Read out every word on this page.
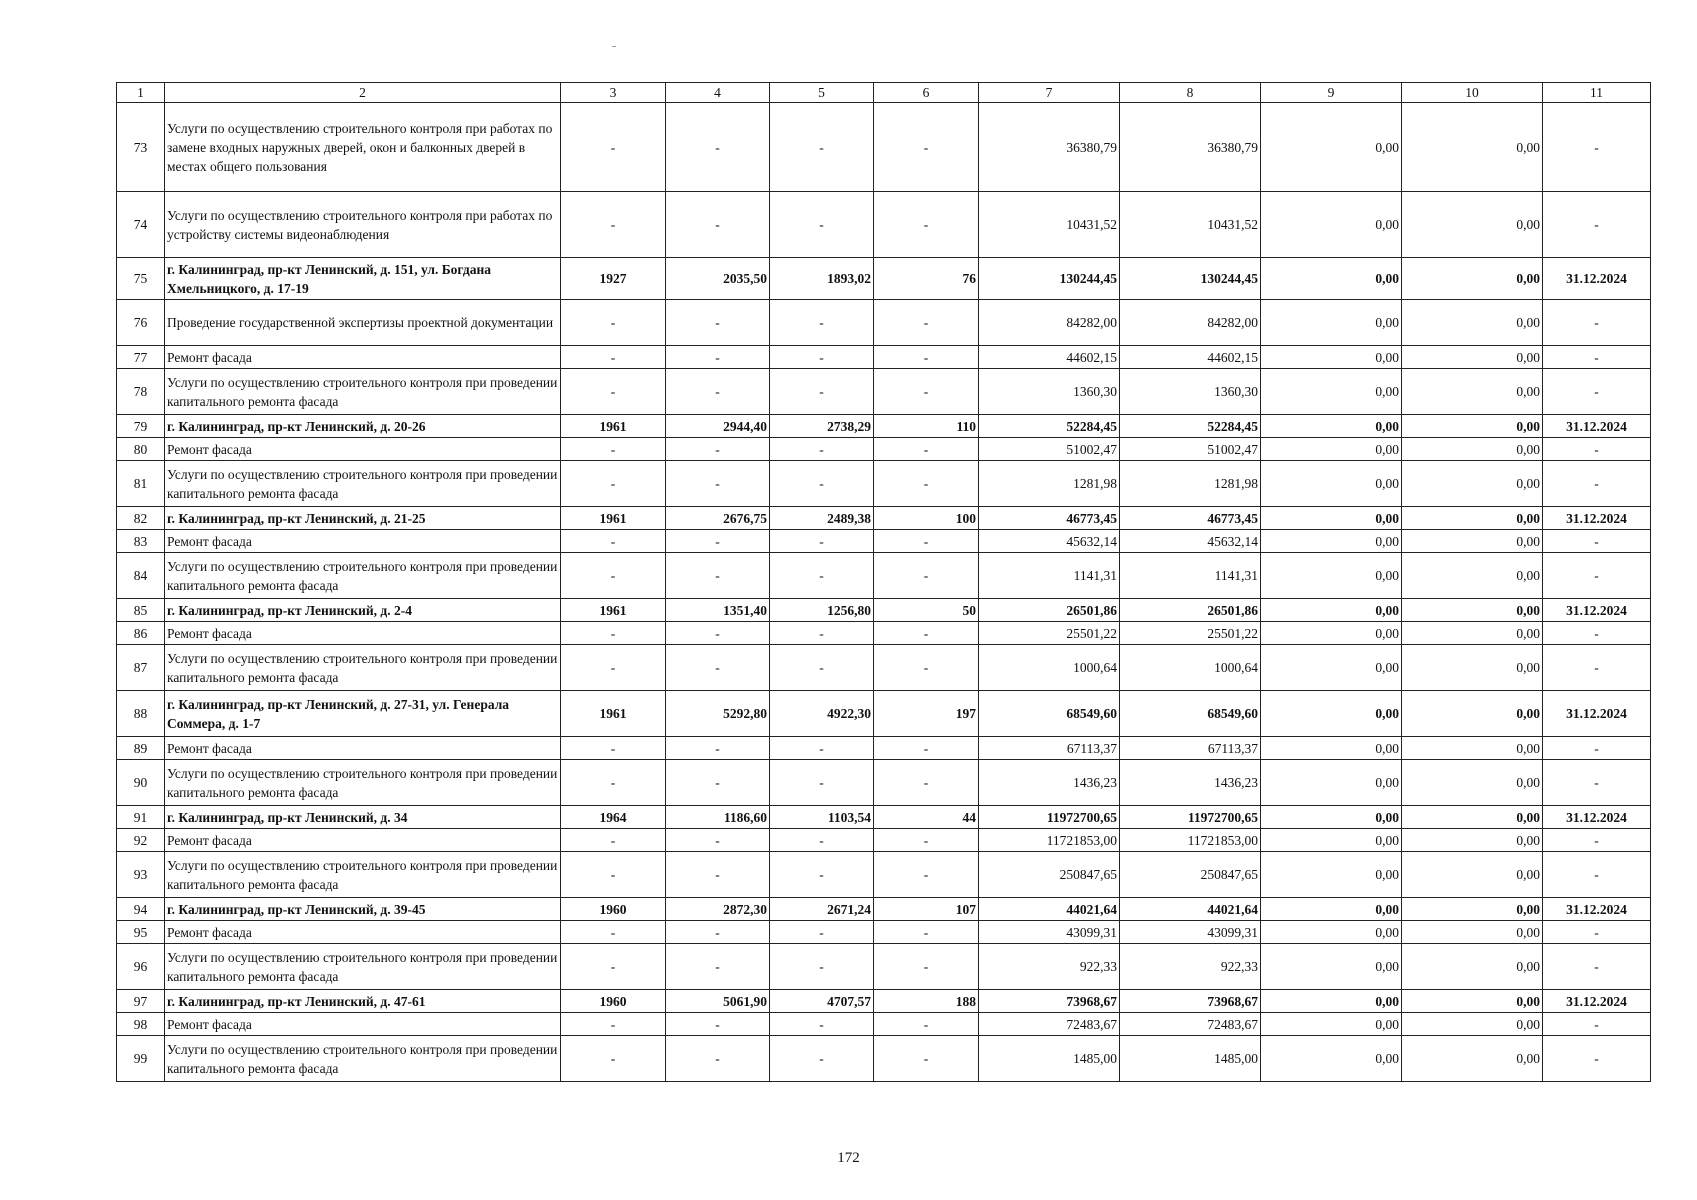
1	2	3	4	5	6	7	8	9	10	11
73	Услуги по осуществлению строительного контроля при работах по замене входных наружных дверей, окон и балконных дверей в местах общего пользования	-	-	-	-	36380,79	36380,79	0,00	0,00	-
74	Услуги по осуществлению строительного контроля при работах по устройству системы видеонаблюдения	-	-	-	-	10431,52	10431,52	0,00	0,00	-
75	г. Калининград, пр-кт Ленинский, д. 151, ул. Богдана Хмельницкого, д. 17-19	1927	2035,50	1893,02	76	130244,45	130244,45	0,00	0,00	31.12.2024
76	Проведение государственной экспертизы проектной документации	-	-	-	-	84282,00	84282,00	0,00	0,00	-
77	Ремонт фасада	-	-	-	-	44602,15	44602,15	0,00	0,00	-
78	Услуги по осуществлению строительного контроля при проведении капитального ремонта фасада	-	-	-	-	1360,30	1360,30	0,00	0,00	-
79	г. Калининград, пр-кт Ленинский, д. 20-26	1961	2944,40	2738,29	110	52284,45	52284,45	0,00	0,00	31.12.2024
80	Ремонт фасада	-	-	-	-	51002,47	51002,47	0,00	0,00	-
81	Услуги по осуществлению строительного контроля при проведении капитального ремонта фасада	-	-	-	-	1281,98	1281,98	0,00	0,00	-
82	г. Калининград, пр-кт Ленинский, д. 21-25	1961	2676,75	2489,38	100	46773,45	46773,45	0,00	0,00	31.12.2024
83	Ремонт фасада	-	-	-	-	45632,14	45632,14	0,00	0,00	-
84	Услуги по осуществлению строительного контроля при проведении капитального ремонта фасада	-	-	-	-	1141,31	1141,31	0,00	0,00	-
85	г. Калининград, пр-кт Ленинский, д. 2-4	1961	1351,40	1256,80	50	26501,86	26501,86	0,00	0,00	31.12.2024
86	Ремонт фасада	-	-	-	-	25501,22	25501,22	0,00	0,00	-
87	Услуги по осуществлению строительного контроля при проведении капитального ремонта фасада	-	-	-	-	1000,64	1000,64	0,00	0,00	-
88	г. Калининград, пр-кт Ленинский, д. 27-31, ул. Генерала Соммера, д. 1-7	1961	5292,80	4922,30	197	68549,60	68549,60	0,00	0,00	31.12.2024
89	Ремонт фасада	-	-	-	-	67113,37	67113,37	0,00	0,00	-
90	Услуги по осуществлению строительного контроля при проведении капитального ремонта фасада	-	-	-	-	1436,23	1436,23	0,00	0,00	-
91	г. Калининград, пр-кт Ленинский, д. 34	1964	1186,60	1103,54	44	11972700,65	11972700,65	0,00	0,00	31.12.2024
92	Ремонт фасада	-	-	-	-	11721853,00	11721853,00	0,00	0,00	-
93	Услуги по осуществлению строительного контроля при проведении капитального ремонта фасада	-	-	-	-	250847,65	250847,65	0,00	0,00	-
94	г. Калининград, пр-кт Ленинский, д. 39-45	1960	2872,30	2671,24	107	44021,64	44021,64	0,00	0,00	31.12.2024
95	Ремонт фасада	-	-	-	-	43099,31	43099,31	0,00	0,00	-
96	Услуги по осуществлению строительного контроля при проведении капитального ремонта фасада	-	-	-	-	922,33	922,33	0,00	0,00	-
97	г. Калининград, пр-кт Ленинский, д. 47-61	1960	5061,90	4707,57	188	73968,67	73968,67	0,00	0,00	31.12.2024
98	Ремонт фасада	-	-	-	-	72483,67	72483,67	0,00	0,00	-
99	Услуги по осуществлению строительного контроля при проведении капитального ремонта фасада	-	-	-	-	1485,00	1485,00	0,00	0,00	-
172
